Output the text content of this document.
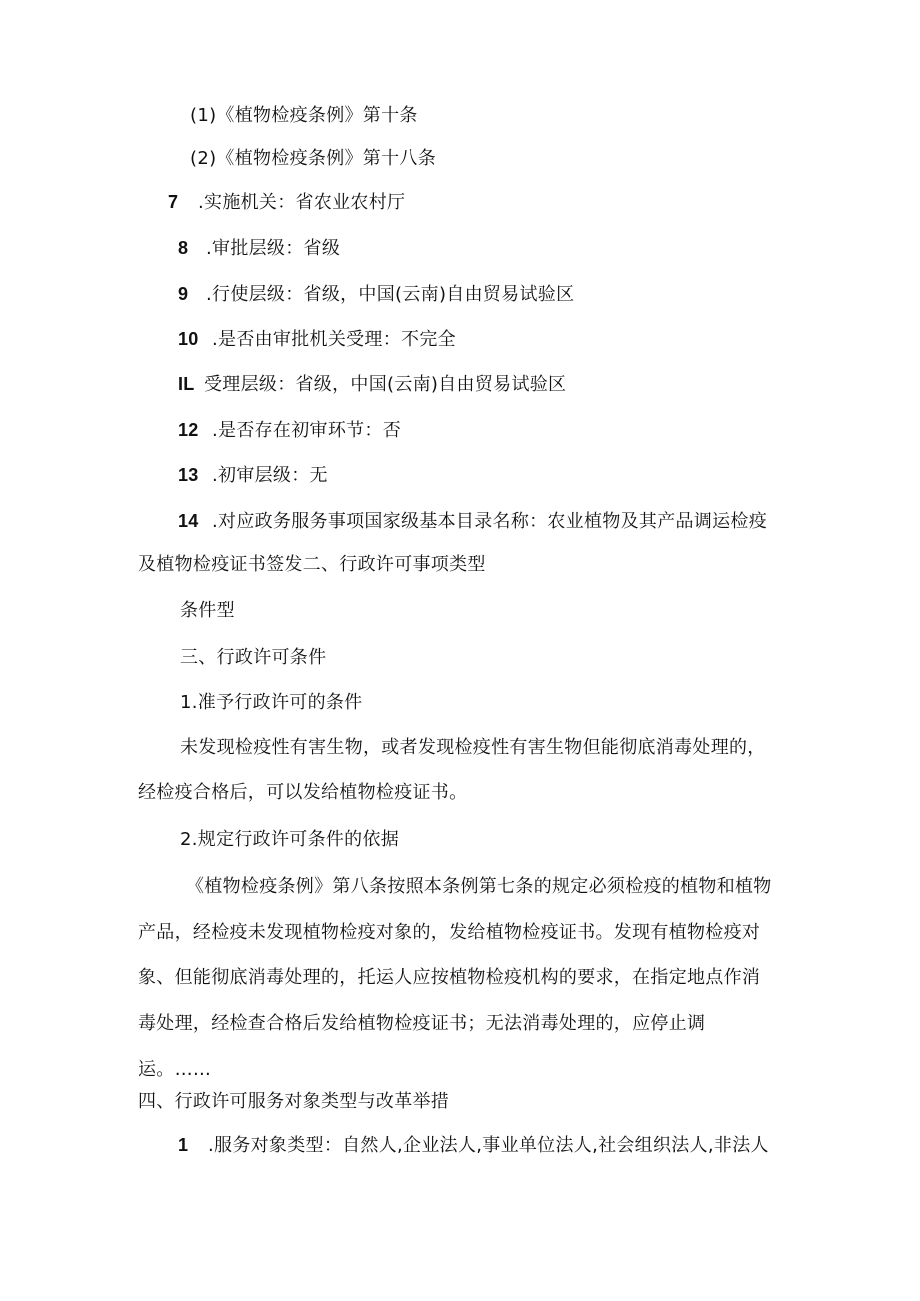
(1)《植物检疫条例》第十条
(2)《植物检疫条例》第十八条
7 .实施机关：省农业农村厅
8 .审批层级：省级
9 .行使层级：省级，中国(云南)自由贸易试验区
10 .是否由审批机关受理：不完全
IL 受理层级：省级，中国(云南)自由贸易试验区
12 .是否存在初审环节：否
13 .初审层级：无
14 .对应政务服务事项国家级基本目录名称：农业植物及其产品调运检疫
及植物检疫证书签发二、行政许可事项类型
条件型
三、行政许可条件
1.准予行政许可的条件
未发现检疫性有害生物，或者发现检疫性有害生物但能彻底消毒处理的，
经检疫合格后，可以发给植物检疫证书。
2.规定行政许可条件的依据
《植物检疫条例》第八条按照本条例第七条的规定必须检疫的植物和植物
产品，经检疫未发现植物检疫对象的，发给植物检疫证书。发现有植物检疫对
象、但能彻底消毒处理的，托运人应按植物检疫机构的要求，在指定地点作消
毒处理，经检查合格后发给植物检疫证书；无法消毒处理的，应停止调
运。……
四、行政许可服务对象类型与改革举措
1 .服务对象类型：自然人,企业法人,事业单位法人,社会组织法人,非法人
